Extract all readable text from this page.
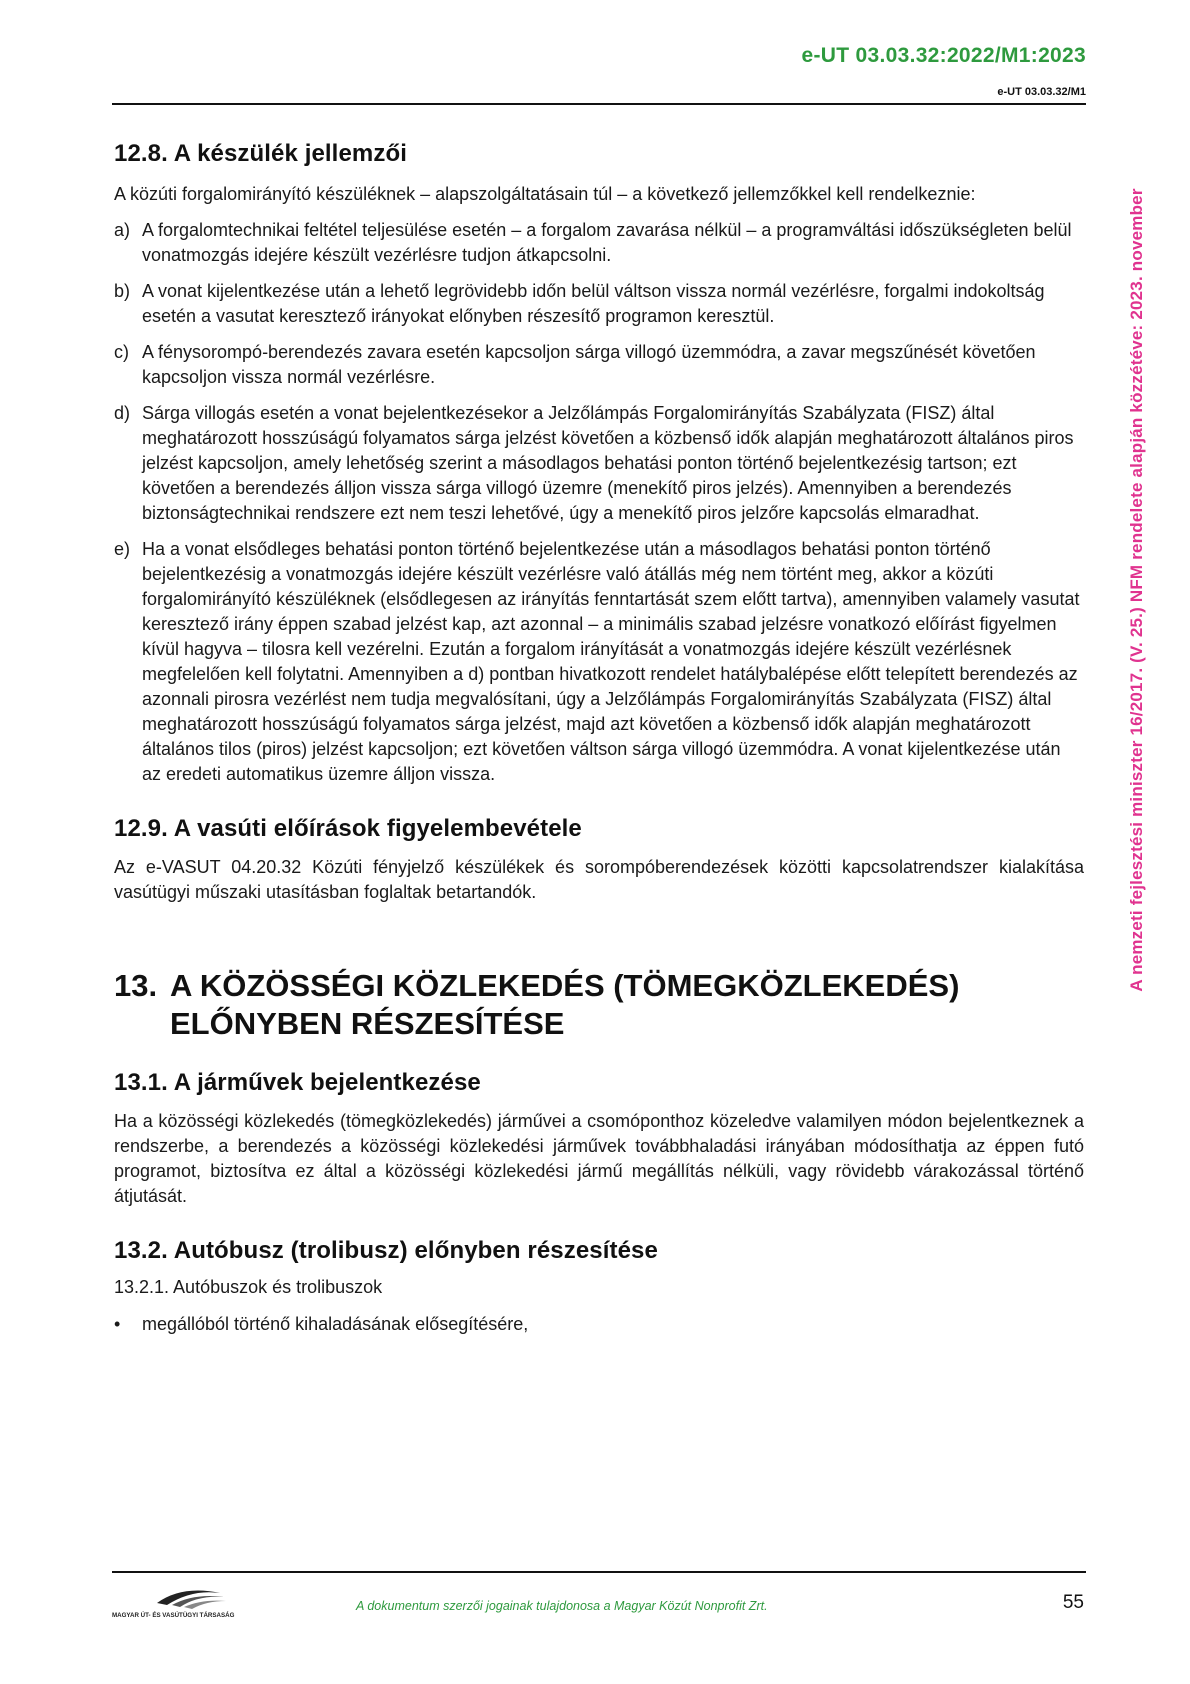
e-UT 03.03.32:2022/M1:2023
e-UT 03.03.32/M1
A nemzeti fejlesztési miniszter 16/2017. (V. 25.) NFM rendelete alapján közzétéve: 2023. november
12.8. A készülék jellemzői

A közúti forgalomirányító készüléknek – alapszolgáltatásain túl – a következő jellemzőkkel kell rendelkeznie:

a) A forgalomtechnikai feltétel teljesülése esetén – a forgalom zavarása nélkül – a programváltási időszükségleten belül vonatmozgás idejére készült vezérlésre tudjon átkapcsolni.
b) A vonat kijelentkezése után a lehető legrövidebb időn belül váltson vissza normál vezérlésre, forgalmi indokoltság esetén a vasutat keresztező irányokat előnyben részesítő programon keresztül.
c) A fénysorompó-berendezés zavara esetén kapcsoljon sárga villogó üzemmódra, a zavar megszűnését követően kapcsoljon vissza normál vezérlésre.
d) Sárga villogás esetén a vonat bejelentkezésekor a Jelzőlámpás Forgalomirányítás Szabályzata (FISZ) által meghatározott hosszúságú folyamatos sárga jelzést követően a közbenső idők alapján meghatározott általános piros jelzést kapcsoljon, amely lehetőség szerint a másodlagos behatási ponton történő bejelentkezésig tartson; ezt követően a berendezés álljon vissza sárga villogó üzemre (menekítő piros jelzés). Amennyiben a berendezés biztonságtechnikai rendszere ezt nem teszi lehetővé, úgy a menekítő piros jelzőre kapcsolás elmaradhat.
e) Ha a vonat elsődleges behatási ponton történő bejelentkezése után a másodlagos behatási ponton történő bejelentkezésig a vonatmozgás idejére készült vezérlésre való átállás még nem történt meg, akkor a közúti forgalomirányító készüléknek (elsődlegesen az irányítás fenntartását szem előtt tartva), amennyiben valamely vasutat keresztező irány éppen szabad jelzést kap, azt azonnal – a minimális szabad jelzésre vonatkozó előírást figyelmen kívül hagyva – tilosra kell vezérelni. Ezután a forgalom irányítását a vonatmozgás idejére készült vezérlésnek megfelelően kell folytatni. Amennyiben a d) pontban hivatkozott rendelet hatálybalépése előtt telepített berendezés az azonnali pirosra vezérlést nem tudja megvalósítani, úgy a Jelzőlámpás Forgalomirányítás Szabályzata (FISZ) által meghatározott hosszúságú folyamatos sárga jelzést, majd azt követően a közbenső idők alapján meghatározott általános tilos (piros) jelzést kapcsoljon; ezt követően váltson sárga villogó üzemmódra. A vonat kijelentkezése után az eredeti automatikus üzemre álljon vissza.
12.9. A vasúti előírások figyelembevétele

Az e-VASUT 04.20.32 Közúti fényjelző készülékek és sorompóberendezések közötti kapcsolatrendszer kialakítása vasútügyi műszaki utasításban foglaltak betartandók.

13. A KÖZÖSSÉGI KÖZLEKEDÉS (TÖMEGKÖZLEKEDÉS) ELŐNYBEN RÉSZESÍTÉSE
13.1. A járművek bejelentkezése

Ha a közösségi közlekedés (tömegközlekedés) járművei a csomóponthoz közeledve valamilyen módon bejelentkeznek a rendszerbe, a berendezés a közösségi közlekedési járművek továbbhaladási irányában módosíthatja az éppen futó programot, biztosítva ez által a közösségi közlekedési jármű megállítás nélküli, vagy rövidebb várakozással történő átjutását.

13.2. Autóbusz (trolibusz) előnyben részesítése

13.2.1. Autóbuszok és trolibuszok

•	megállóból történő kihaladásának elősegítésére,
MAGYAR ÚT- ÉS VASÚTÜGYI TÁRSASÁG
A dokumentum szerzői jogainak tulajdonosa a Magyar Közút Nonprofit Zrt.	55
